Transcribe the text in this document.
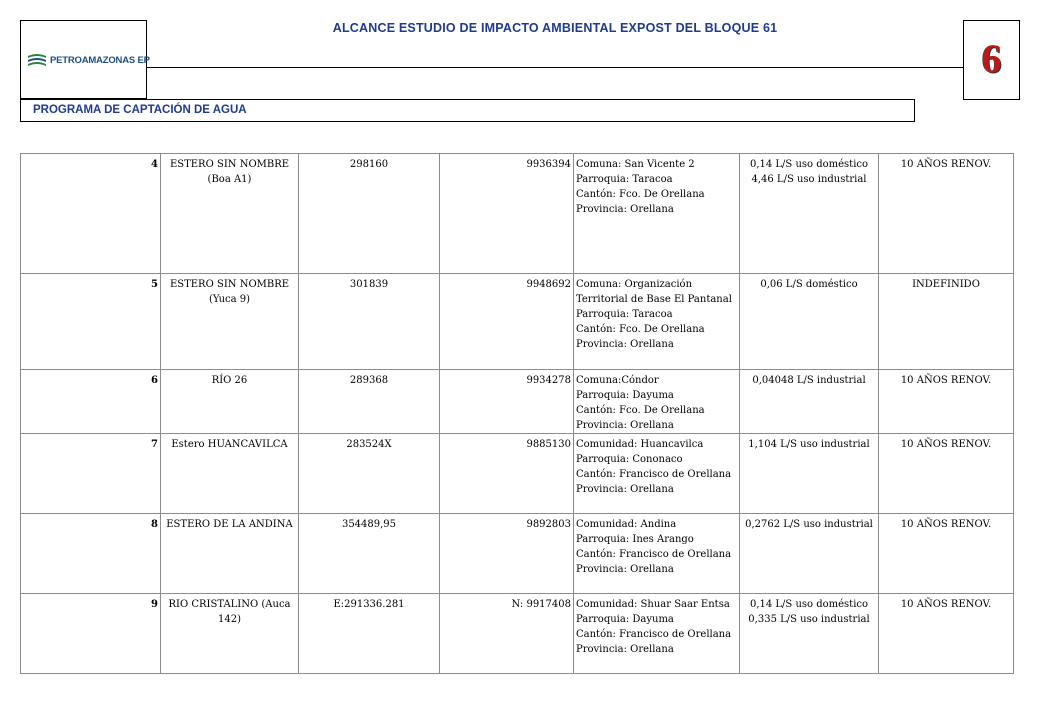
PETROAMAZONAS EP
ALCANCE ESTUDIO DE IMPACTO AMBIENTAL EXPOST DEL BLOQUE 61
6
PROGRAMA DE CAPTACIÓN DE AGUA
4	ESTERO SIN NOMBRE (Boa A1)	298160	9936394	Comuna: San Vicente 2
Parroquia: Taracoa
Cantón: Fco. De Orellana
Provincia: Orellana	0,14 L/S uso doméstico
4,46 L/S uso industrial	10 AÑOS RENOV.
5	ESTERO SIN NOMBRE (Yuca 9)	301839	9948692	Comuna: Organización Territorial de Base El Pantanal
Parroquia: Taracoa
Cantón: Fco. De Orellana
Provincia: Orellana	0,06 L/S doméstico	INDEFINIDO
6	RÍO 26	289368	9934278	Comuna:Cóndor
Parroquia: Dayuma
Cantón: Fco. De Orellana
Provincia: Orellana	0,04048 L/S industrial	10 AÑOS RENOV.
7	Estero HUANCAVILCA	283524X	9885130	Comunidad: Huancavilca
Parroquia: Cononaco
Cantón: Francisco de Orellana
Provincia: Orellana	1,104 L/S uso industrial	10 AÑOS RENOV.
8	ESTERO DE LA ANDINA	354489,95	9892803	Comunidad: Andina
Parroquia: Ines Arango
Cantón: Francisco de Orellana Provincia: Orellana	0,2762 L/S uso industrial	10 AÑOS RENOV.
9	RIO CRISTALINO (Auca 142)	E:291336.281	N: 9917408	Comunidad: Shuar Saar Entsa Parroquia: Dayuma
Cantón: Francisco de Orellana Provincia: Orellana	0,14 L/S uso doméstico
0,335 L/S uso industrial	10 AÑOS RENOV.
